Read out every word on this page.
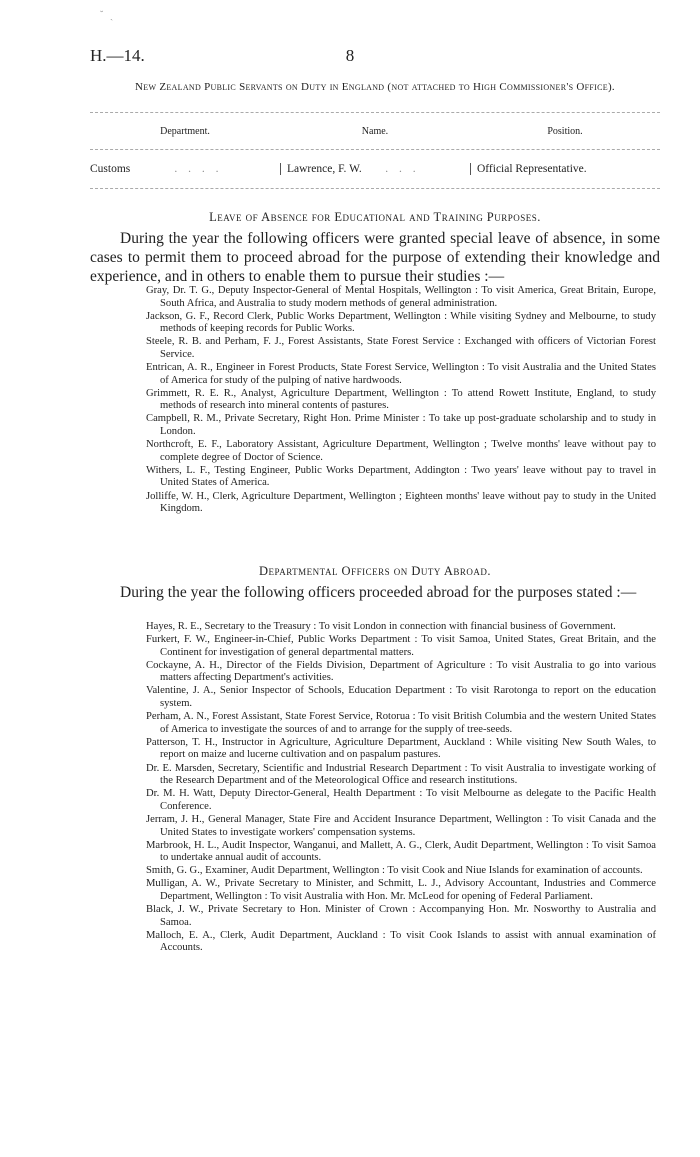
˘ ˎ
H.—14.	8
New Zealand Public Servants on Duty in England (not attached to High Commissioner's Office).
Department.	Name.	Position.
Customs       . . . .	Lawrence, F. W.    . . .	Official Representative.
Leave of Absence for Educational and Training Purposes.
During the year the following officers were granted special leave of absence, in some cases to permit them to proceed abroad for the purpose of extending their knowledge and experience, and in others to enable them to pursue their studies :—

Gray, Dr. T. G., Deputy Inspector-General of Mental Hospitals, Wellington : To visit America, Great Britain, Europe, South Africa, and Australia to study modern methods of general administration.

Jackson, G. F., Record Clerk, Public Works Department, Wellington : While visiting Sydney and Melbourne, to study methods of keeping records for Public Works.

Steele, R. B. and Perham, F. J., Forest Assistants, State Forest Service : Exchanged with officers of Victorian Forest Service.

Entrican, A. R., Engineer in Forest Products, State Forest Service, Wellington : To visit Australia and the United States of America for study of the pulping of native hardwoods.

Grimmett, R. E. R., Analyst, Agriculture Department, Wellington : To attend Rowett Institute, England, to study methods of research into mineral contents of pastures.

Campbell, R. M., Private Secretary, Right Hon. Prime Minister : To take up post-graduate scholarship and to study in London.

Northcroft, E. F., Laboratory Assistant, Agriculture Department, Wellington ; Twelve months' leave without pay to complete degree of Doctor of Science.

Withers, L. F., Testing Engineer, Public Works Department, Addington : Two years' leave without pay to travel in United States of America.

Jolliffe, W. H., Clerk, Agriculture Department, Wellington ; Eighteen months' leave without pay to study in the United Kingdom.

Departmental Officers on Duty Abroad.
During the year the following officers proceeded abroad for the purposes stated :—

Hayes, R. E., Secretary to the Treasury : To visit London in connection with financial business of Government.

Furkert, F. W., Engineer-in-Chief, Public Works Department : To visit Samoa, United States, Great Britain, and the Continent for investigation of general departmental matters.

Cockayne, A. H., Director of the Fields Division, Department of Agriculture : To visit Australia to go into various matters affecting Department's activities.

Valentine, J. A., Senior Inspector of Schools, Education Department : To visit Rarotonga to report on the education system.

Perham, A. N., Forest Assistant, State Forest Service, Rotorua : To visit British Columbia and the western United States of America to investigate the sources of and to arrange for the supply of tree-seeds.

Patterson, T. H., Instructor in Agriculture, Agriculture Department, Auckland : While visiting New South Wales, to report on maize and lucerne cultivation and on paspalum pastures.

Dr. E. Marsden, Secretary, Scientific and Industrial Research Department : To visit Australia to investigate working of the Research Department and of the Meteorological Office and research institutions.

Dr. M. H. Watt, Deputy Director-General, Health Department : To visit Melbourne as delegate to the Pacific Health Conference.

Jerram, J. H., General Manager, State Fire and Accident Insurance Department, Wellington : To visit Canada and the United States to investigate workers' compensation systems.

Marbrook, H. L., Audit Inspector, Wanganui, and Mallett, A. G., Clerk, Audit Department, Wellington : To visit Samoa to undertake annual audit of accounts.

Smith, G. G., Examiner, Audit Department, Wellington : To visit Cook and Niue Islands for examination of accounts.

Mulligan, A. W., Private Secretary to Minister, and Schmitt, L. J., Advisory Accountant, Industries and Commerce Department, Wellington : To visit Australia with Hon. Mr. McLeod for opening of Federal Parliament.

Black, J. W., Private Secretary to Hon. Minister of Crown : Accompanying Hon. Mr. Nosworthy to Australia and Samoa.

Malloch, E. A., Clerk, Audit Department, Auckland : To visit Cook Islands to assist with annual examination of Accounts.
